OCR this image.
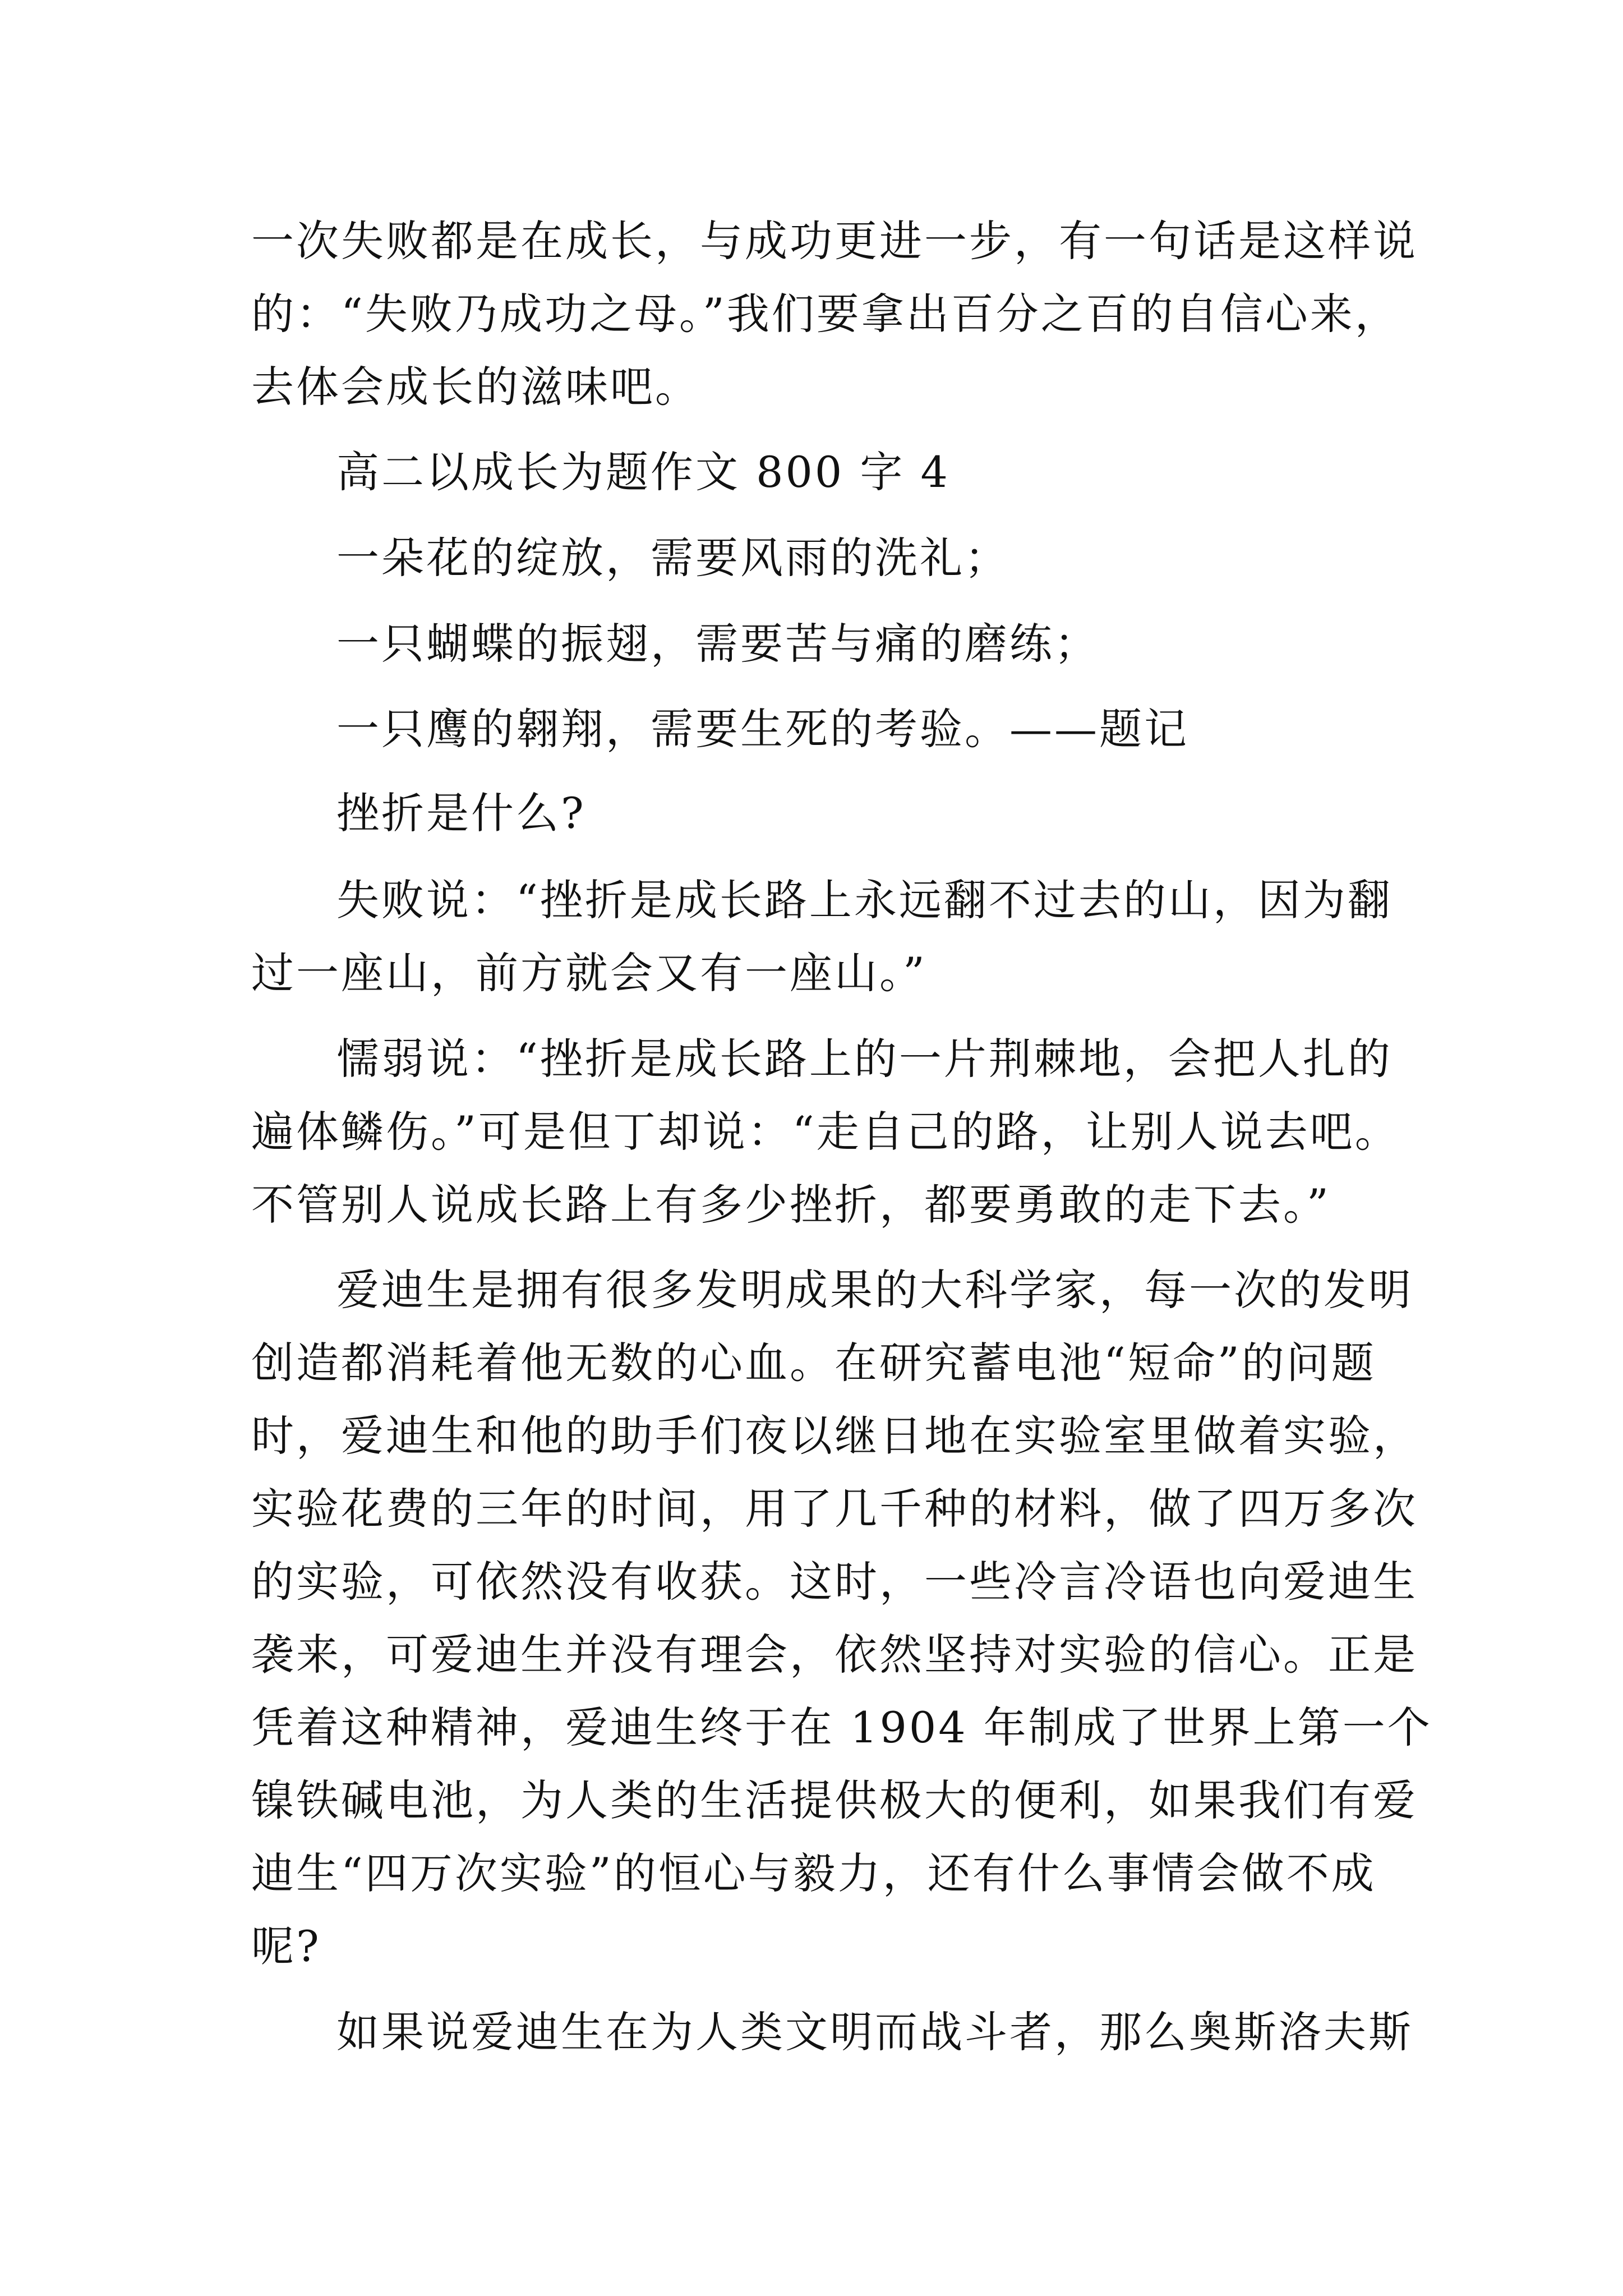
一次失败都是在成长，与成功更进一步，有一句话是这样说
的：“失败乃成功之母。”我们要拿出百分之百的自信心来，
去体会成长的滋味吧。
高二以成长为题作文 800 字 4
一朵花的绽放，需要风雨的洗礼；
一只蝴蝶的振翅，需要苦与痛的磨练；
一只鹰的翱翔，需要生死的考验。——题记
挫折是什么?
失败说：“挫折是成长路上永远翻不过去的山，因为翻
过一座山，前方就会又有一座山。”
懦弱说：“挫折是成长路上的一片荆棘地，会把人扎的
遍体鳞伤。”可是但丁却说：“走自己的路，让别人说去吧。
不管别人说成长路上有多少挫折，都要勇敢的走下去。”
爱迪生是拥有很多发明成果的大科学家，每一次的发明
创造都消耗着他无数的心血。在研究蓄电池“短命”的问题
时，爱迪生和他的助手们夜以继日地在实验室里做着实验，
实验花费的三年的时间，用了几千种的材料，做了四万多次
的实验，可依然没有收获。这时，一些冷言冷语也向爱迪生
袭来，可爱迪生并没有理会，依然坚持对实验的信心。正是
凭着这种精神，爱迪生终于在 1904 年制成了世界上第一个
镍铁碱电池，为人类的生活提供极大的便利，如果我们有爱
迪生“四万次实验”的恒心与毅力，还有什么事情会做不成
呢?
如果说爱迪生在为人类文明而战斗者，那么奥斯洛夫斯
